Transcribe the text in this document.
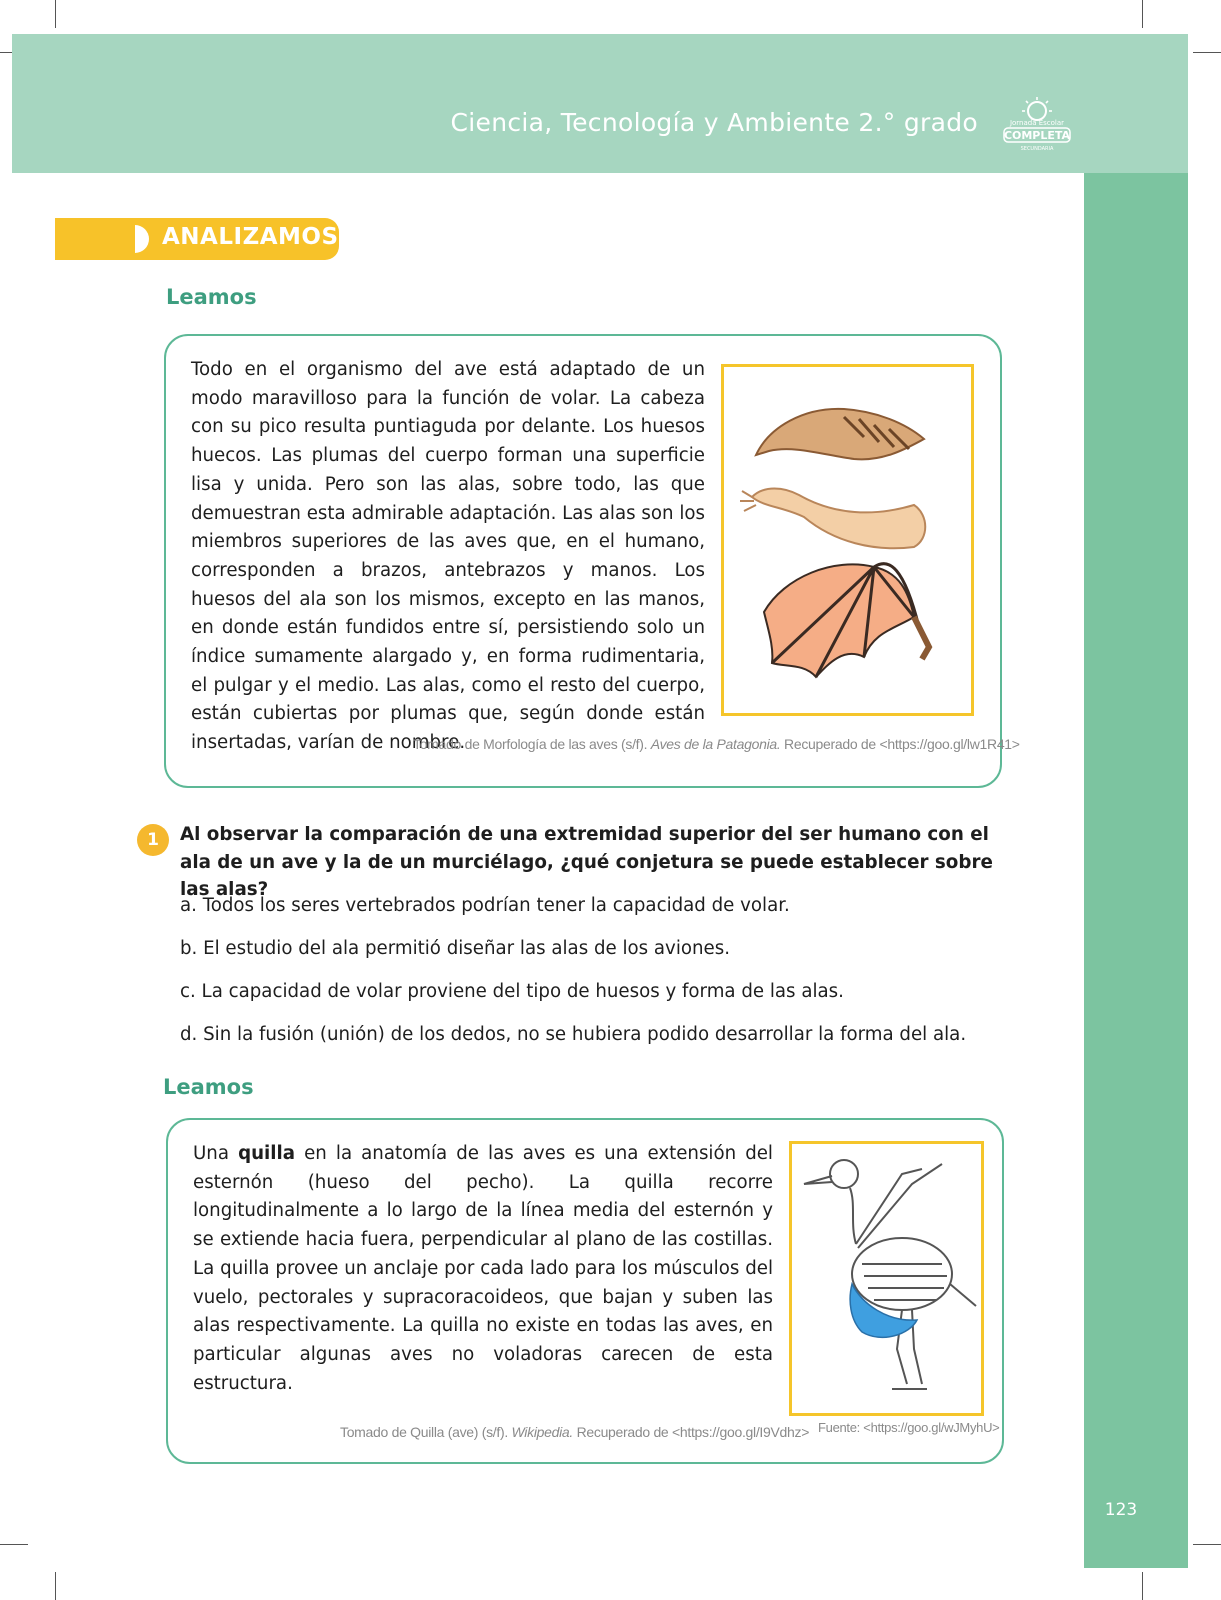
Ciencia, Tecnología y Ambiente 2.° grado	Jornada Escolar
COMPLETA
SECUNDARIA
ANALIZAMOS
Leamos

Todo en el organismo del ave está adaptado de un modo maravilloso para la función de volar. La cabeza con su pico resulta puntiaguda por delante. Los huesos huecos. Las plumas del cuerpo forman una superficie lisa y unida. Pero son las alas, sobre todo, las que demuestran esta admirable adaptación. Las alas son los miembros superiores de las aves que, en el humano, corresponden a brazos, antebrazos y manos. Los huesos del ala son los mismos, excepto en las manos, en donde están fundidos entre sí, persistiendo solo un índice sumamente alargado y, en forma rudimentaria, el pulgar y el medio. Las alas, como el resto del cuerpo, están cubiertas por plumas que, según donde están insertadas, varían de nombre.

Tomado de Morfología de las aves (s/f). Aves de la Patagonia. Recuperado de <https://goo.gl/lw1R41>
1	Al observar la comparación de una extremidad superior del ser humano con el ala de un ave y la de un murciélago, ¿qué conjetura se puede establecer sobre las alas?
a. Todos los seres vertebrados podrían tener la capacidad de volar.
b. El estudio del ala permitió diseñar las alas de los aviones.
c. La capacidad de volar proviene del tipo de huesos y forma de las alas.
d. Sin la fusión (unión) de los dedos, no se hubiera podido desarrollar la forma del ala.
Leamos

Una quilla en la anatomía de las aves es una extensión del esternón (hueso del pecho). La quilla recorre longitudinalmente a lo largo de la línea media del esternón y se extiende hacia fuera, perpendicular al plano de las costillas. La quilla provee un anclaje por cada lado para los músculos del vuelo, pectorales y supracoracoideos, que bajan y suben las alas respectivamente. La quilla no existe en todas las aves, en particular algunas aves no voladoras carecen de esta estructura.

Tomado de Quilla (ave) (s/f). Wikipedia. Recuperado de <https://goo.gl/I9Vdhz> Fuente: <https://goo.gl/wJMyhU>
123
